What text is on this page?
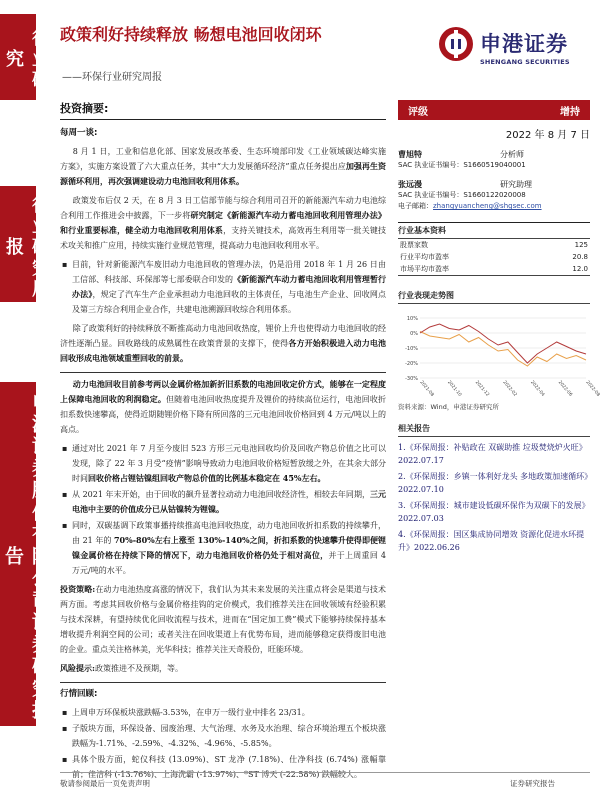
行业研究
行业研究周报
申港证券股份有限公司证券研究报告
政策利好持续释放 畅想电池回收闭环
——环保行业研究周报
申港证券
SHENGANG SECURITIES
投资摘要:
每周一谈:

8 月 1 日，工业和信息化部、国家发展改革委、生态环境部印发《工业领域碳达峰实施方案》，实施方案设置了六大重点任务，其中“大力发展循环经济”重点任务提出应加强再生资源循环利用，再次强调建设动力电池回收利用体系。

政策发布后仅 2 天，在 8 月 3 日工信部节能与综合利用司召开的新能源汽车动力电池综合利用工作推进会中披露，下一步将研究制定《新能源汽车动力蓄电池回收利用管理办法》和行业重要标准，健全动力电池回收利用体系，支持关键技术，高效再生利用等一批关键技术攻关和推广应用，持续实施行业规范管理，提高动力电池回收利用水平。

▪ 目前，针对新能源汽车废旧动力电池回收的管理办法，仍是沿用 2018 年 1 月 26 日由工信部、科技部、环保部等七部委联合印发的《新能源汽车动力蓄电池回收利用管理暂行办法》，规定了汽车生产企业承担动力电池回收的主体责任，与电池生产企业、回收网点及第三方综合利用企业合作，共建电池溯源回收综合利用体系。

除了政策利好的持续释放不断推高动力电池回收热度，锂价上升也使得动力电池回收的经济性逐渐凸显。回收路线的成熟属性在政策背景的支撑下，使得各方开始积极进入动力电池回收形成电池领域重塑回收的前景。

动力电池回收目前参考两以金属价格加新折旧系数的电池回收定价方式，能够在一定程度上保障电池回收的利润稳定。但随着电池回收热度提升及锂价的持续高位运行，电池回收折扣系数快速攀高，使得近期随锂价格下降有所回落的三元电池回收价格回到 4 万元/吨以上的高点。

▪ 通过对比 2021 年 7 月至今废旧 523 方形三元电池回收均价及回收产物总价值之比可以发现，除了 22 年 3 月受“疫情”影响导致动力电池回收价格短暂放缓之外，在其余大部分时间回收价格占锂钴镍组回收产物总价值的比例基本稳定在 45%左右。
▪ 从 2021 年末开始，由于回收的飙升显著拉动动力电池回收经济性，相较去年同期，三元电池中主要的价值成分已从钴镍转为锂镍。
▪ 同时，双碳基调下政策事播持续推高电池回收热度，动力电池回收折扣系数的持续攀升，由 21 年的 70%-80%左右上涨至 130%-140%之间，折扣系数的快速攀升使得即便锂镍金属价格在持续下降的情况下，动力电池回收价格仍处于相对高位，并于上周重回 4 万元/吨的水平。

投资策略:在动力电池热度高涨的情况下，我们认为其未来发展的关注重点将会是渠道与技术两方面。考虑其回收价格与金属价格挂钩的定价模式，我们推荐关注在回收领域有经验积累与技术深耕，有望持续优化回收流程与技术，进而在“国定加工费”模式下能够持续保持基本增收提升利润空间的公司；或者关注在回收渠道上有优势布局，进而能够稳定获得废旧电池的企业。重点关注格林美，光华科技；推荐关注天奇股份，旺能环境。

风险提示:政策推进不及预期，等。

行情回顾:
▪ 上周申万环保板块涨跌幅-3.53%，在申万一级行业中排名 23/31。
▪ 子版块方面，环保设备、园废治理、大气治理、水务及水治理、综合环境治理五个板块涨跌幅为-1.71%、-2.59%、-4.32%、-4.96%、-5.85%。
▪ 具体个股方面，蛇仪科技 (13.09%)、ST 龙净 (7.18%)、仕净科技 (6.74%) 涨幅靠前；佳洁科 (-13.76%)、上海洗霸 (-13.97%)、*ST 博天 (-22.58%) 跌幅较大。
评级	增持
2022 年 8 月 7 日
曹旭特	分析师
SAC 执业证书编号：S1660519040001
张远漫	研究助理
SAC 执业证书编号：S1660122020008
电子邮箱：zhangyuancheng@shgsec.com
行业基本资料
股票家数	125
行业平均市盈率	20.8
市场平均市盈率	12.0
行业表现走势图
10%
0%
-10%
-20%
-30%
2021-08	2021-10	2021-12	2022-02	2022-04	2022-06	2022-08
资料来源：Wind，申港证券研究所
相关报告
1.《环保周报：补贴政在 双碳助推 垃圾焚烧炉火旺》2022.07.17
2.《环保周报：乡镇一体利好龙头 多地政策加速循环》2022.07.10
3.《环保周报：城市建设低碳环保作为双碳下的发展》2022.07.03
4.《环保周报：国区集成协同增效 资源化促进水环提升》2022.06.26
敬请参阅最后一页免责声明	证券研究报告
